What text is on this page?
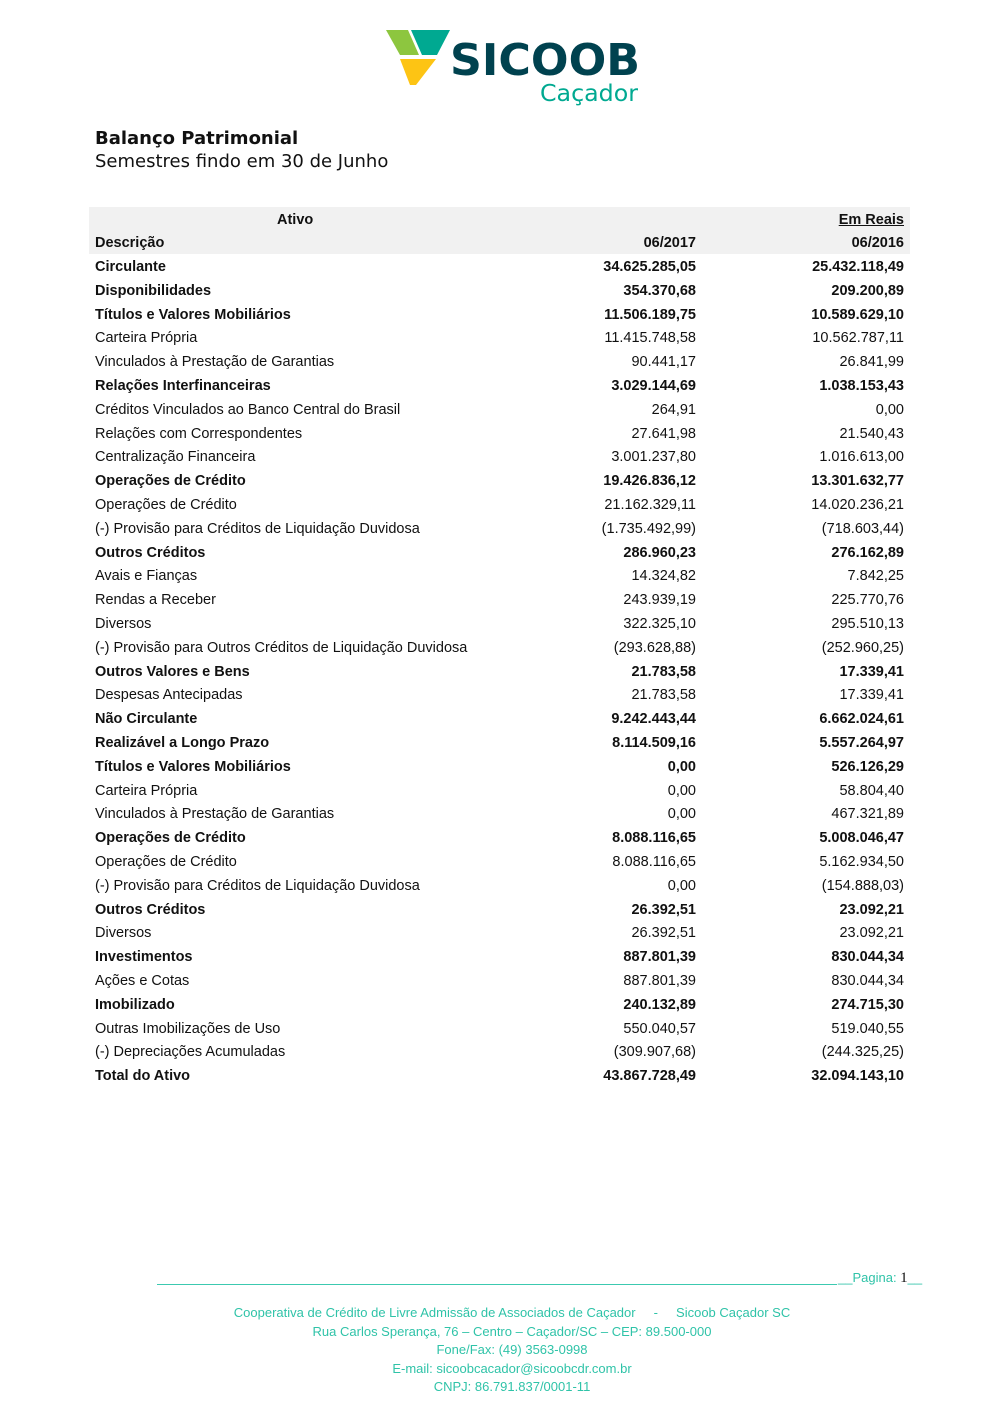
SICOOB
Caçador
Balanço Patrimonial
Semestres findo em 30 de Junho
Ativo	Em Reais
Descrição	06/2017	06/2016
Circulante	34.625.285,05	25.432.118,49
Disponibilidades	354.370,68	209.200,89
Títulos e Valores Mobiliários	11.506.189,75	10.589.629,10
Carteira Própria	11.415.748,58	10.562.787,11
Vinculados à Prestação de Garantias	90.441,17	26.841,99
Relações Interfinanceiras	3.029.144,69	1.038.153,43
Créditos Vinculados ao Banco Central do Brasil	264,91	0,00
Relações com Correspondentes	27.641,98	21.540,43
Centralização Financeira	3.001.237,80	1.016.613,00
Operações de Crédito	19.426.836,12	13.301.632,77
Operações de Crédito	21.162.329,11	14.020.236,21
(-) Provisão para Créditos de Liquidação Duvidosa	(1.735.492,99)	(718.603,44)
Outros Créditos	286.960,23	276.162,89
Avais e Fianças	14.324,82	7.842,25
Rendas a Receber	243.939,19	225.770,76
Diversos	322.325,10	295.510,13
(-) Provisão para Outros Créditos de Liquidação Duvidosa	(293.628,88)	(252.960,25)
Outros Valores e Bens	21.783,58	17.339,41
Despesas Antecipadas	21.783,58	17.339,41
Não Circulante	9.242.443,44	6.662.024,61
Realizável a Longo Prazo	8.114.509,16	5.557.264,97
Títulos e Valores Mobiliários	0,00	526.126,29
Carteira Própria	0,00	58.804,40
Vinculados à Prestação de Garantias	0,00	467.321,89
Operações de Crédito	8.088.116,65	5.008.046,47
Operações de Crédito	8.088.116,65	5.162.934,50
(-) Provisão para Créditos de Liquidação Duvidosa	0,00	(154.888,03)
Outros Créditos	26.392,51	23.092,21
Diversos	26.392,51	23.092,21
Investimentos	887.801,39	830.044,34
Ações e Cotas	887.801,39	830.044,34
Imobilizado	240.132,89	274.715,30
Outras Imobilizações de Uso	550.040,57	519.040,55
(-) Depreciações Acumuladas	(309.907,68)	(244.325,25)
Total do Ativo	43.867.728,49	32.094.143,10
__Pagina: 1__
Cooperativa de Crédito de Livre Admissão de Associados de Caçador     -     Sicoob Caçador SC
Rua Carlos Sperança, 76 – Centro – Caçador/SC – CEP: 89.500-000
Fone/Fax: (49) 3563-0998
E-mail: sicoobcacador@sicoobcdr.com.br
CNPJ: 86.791.837/0001-11
